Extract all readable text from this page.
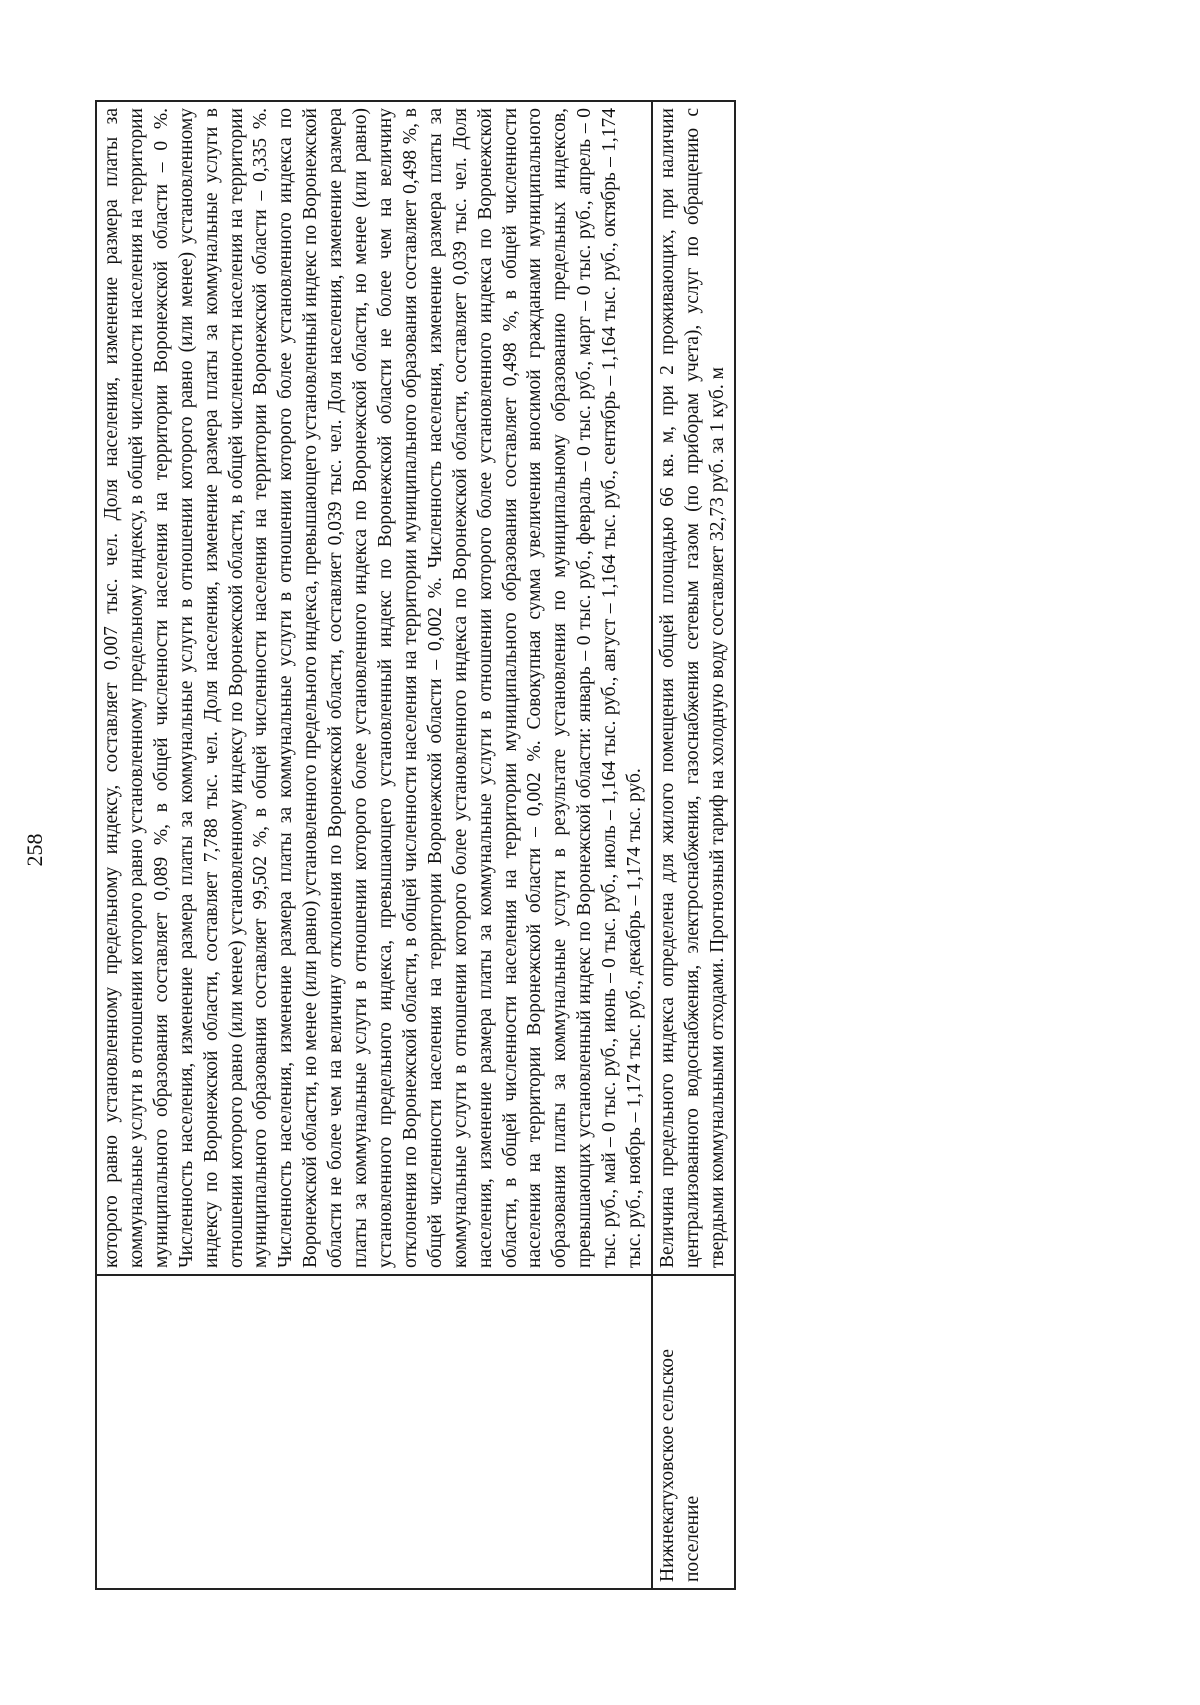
258
		которого равно установленному предельному индексу, составляет 0,007 тыс. чел. Доля населения, изменение размера платы за коммунальные услуги в отношении которого равно установленному предельному индексу, в общей численности населения на территории муниципального образования составляет 0,089 %, в общей численности населения на территории Воронежской области – 0 %. Численность населения, изменение размера платы за коммунальные услуги в отношении которого равно (или менее) установленному индексу по Воронежской области, составляет 7,788 тыс. чел. Доля населения, изменение размера платы за коммунальные услуги в отношении которого равно (или менее) установленному индексу по Воронежской области, в общей численности населения на территории муниципального образования составляет 99,502 %, в общей численности населения на территории Воронежской области – 0,335 %. Численность населения, изменение размера платы за коммунальные услуги в отношении которого более установленного индекса по Воронежской области, но менее (или равно) установленного предельного индекса, превышающего установленный индекс по Воронежской области не более чем на величину отклонения по Воронежской области, составляет 0,039 тыс. чел. Доля населения, изменение размера платы за коммунальные услуги в отношении которого более установленного индекса по Воронежской области, но менее (или равно) установленного предельного индекса, превышающего установленный индекс по Воронежской области не более чем на величину отклонения по Воронежской области, в общей численности населения на территории муниципального образования составляет 0,498 %, в общей численности населения на территории Воронежской области – 0,002 %. Численность населения, изменение размера платы за коммунальные услуги в отношении которого более установленного индекса по Воронежской области, составляет 0,039 тыс. чел. Доля населения, изменение размера платы за коммунальные услуги в отношении которого более установленного индекса по Воронежской области, в общей численности населения на территории муниципального образования составляет 0,498 %, в общей численности населения на территории Воронежской области – 0,002 %. Совокупная сумма увеличения вносимой гражданами муниципального образования платы за коммунальные услуги в результате установления по муниципальному образованию предельных индексов, превышающих установленный индекс по Воронежской области: январь – 0 тыс. руб., февраль – 0 тыс. руб., март – 0 тыс. руб., апрель – 0 тыс. руб., май – 0 тыс. руб., июнь – 0 тыс. руб., июль – 1,164 тыс. руб., август – 1,164 тыс. руб., сентябрь – 1,164 тыс. руб., октябрь – 1,174 тыс. руб., ноябрь – 1,174 тыс. руб., декабрь – 1,174 тыс. руб.
Нижнекатуховское сельское поселение	Величина предельного индекса определена для жилого помещения общей площадью 66 кв. м, при 2 проживающих, при наличии централизованного водоснабжения, электроснабжения, газоснабжения сетевым газом (по приборам учета), услуг по обращению с твердыми коммунальными отходами. Прогнозный тариф на холодную воду составляет 32,73 руб. за 1 куб. м
